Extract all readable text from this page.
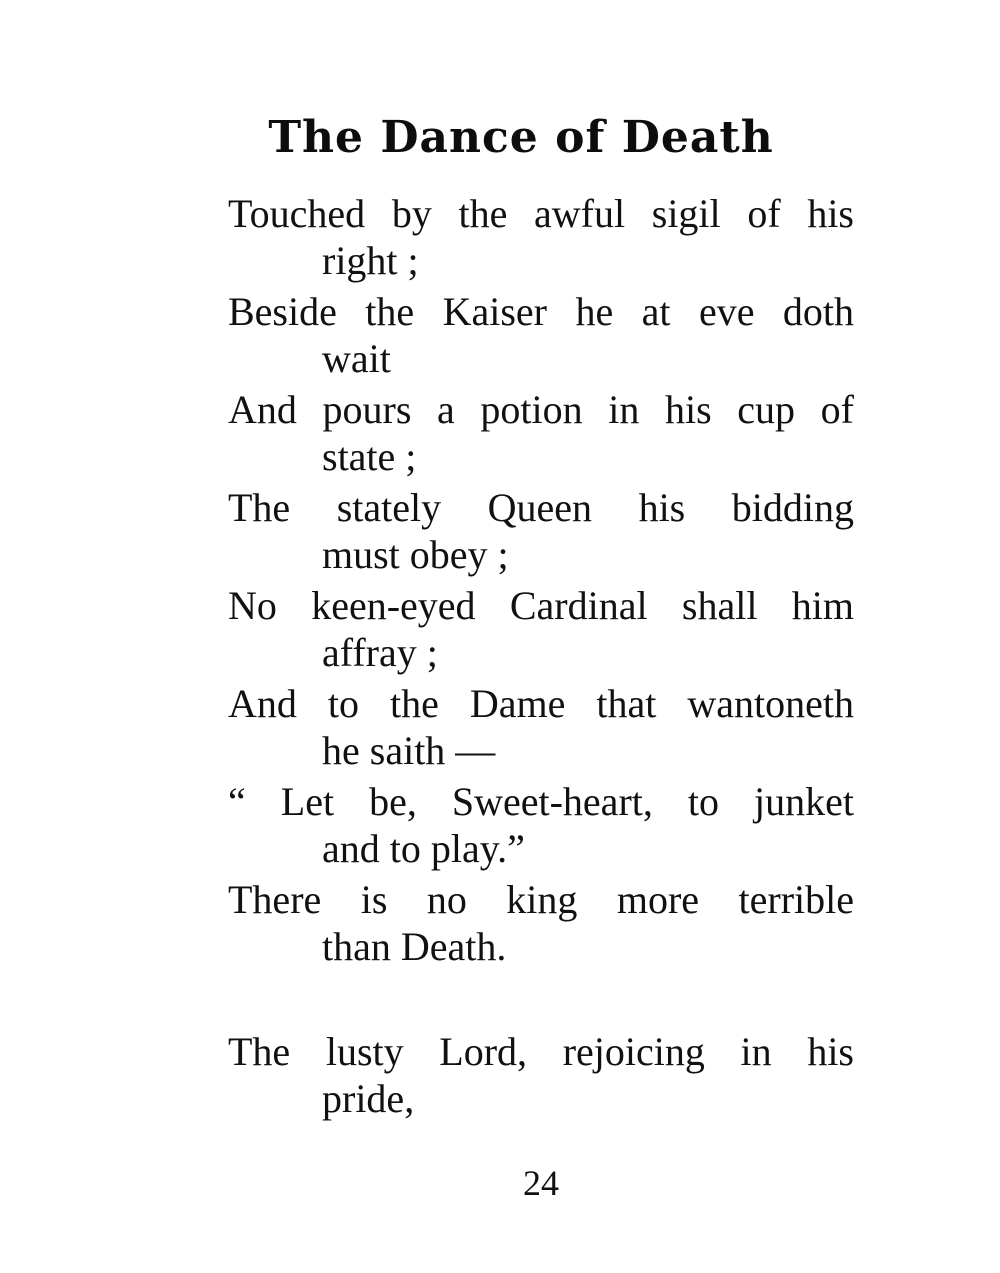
The Dance of Death
Touched by the awful sigil of his
right ;
Beside the Kaiser he at eve doth
wait
And pours a potion in his cup of
state ;
The stately Queen his bidding
must obey ;
No keen-eyed Cardinal shall him
affray ;
And to the Dame that wantoneth
he saith —
“ Let be, Sweet-heart, to junket
and to play.”
There is no king more terrible
than Death.
The lusty Lord, rejoicing in his
pride,
24
